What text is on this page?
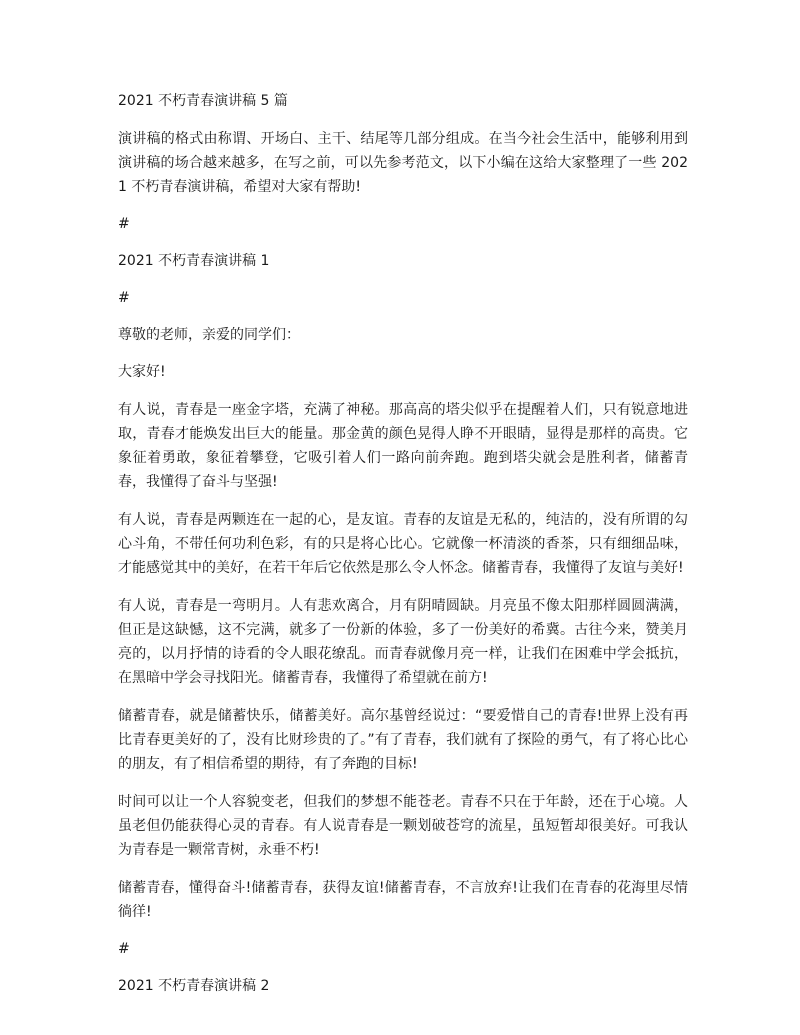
2021 不朽青春演讲稿 5 篇
演讲稿的格式由称谓、开场白、主干、结尾等几部分组成。在当今社会生活中，能够利用到演讲稿的场合越来越多，在写之前，可以先参考范文，以下小编在这给大家整理了一些 2021 不朽青春演讲稿，希望对大家有帮助!
#
2021 不朽青春演讲稿 1
#
尊敬的老师，亲爱的同学们：
大家好!
有人说，青春是一座金字塔，充满了神秘。那高高的塔尖似乎在提醒着人们，只有锐意地进取，青春才能焕发出巨大的能量。那金黄的颜色晃得人睁不开眼睛，显得是那样的高贵。它象征着勇敢，象征着攀登，它吸引着人们一路向前奔跑。跑到塔尖就会是胜利者，储蓄青春，我懂得了奋斗与坚强!
有人说，青春是两颗连在一起的心，是友谊。青春的友谊是无私的，纯洁的，没有所谓的勾心斗角，不带任何功利色彩，有的只是将心比心。它就像一杯清淡的香茶，只有细细品味，才能感觉其中的美好，在若干年后它依然是那么令人怀念。储蓄青春，我懂得了友谊与美好!
有人说，青春是一弯明月。人有悲欢离合，月有阴晴圆缺。月亮虽不像太阳那样圆圆满满，但正是这缺憾，这不完满，就多了一份新的体验，多了一份美好的希冀。古往今来，赞美月亮的，以月抒情的诗看的令人眼花缭乱。而青春就像月亮一样，让我们在困难中学会抵抗，在黑暗中学会寻找阳光。储蓄青春，我懂得了希望就在前方!
储蓄青春，就是储蓄快乐，储蓄美好。高尔基曾经说过：“要爱惜自己的青春!世界上没有再比青春更美好的了，没有比财珍贵的了。”有了青春，我们就有了探险的勇气，有了将心比心的朋友，有了相信希望的期待，有了奔跑的目标!
时间可以让一个人容貌变老，但我们的梦想不能苍老。青春不只在于年龄，还在于心境。人虽老但仍能获得心灵的青春。有人说青春是一颗划破苍穹的流星，虽短暂却很美好。可我认为青春是一颗常青树，永垂不朽!
储蓄青春，懂得奋斗!储蓄青春，获得友谊!储蓄青春，不言放弃!让我们在青春的花海里尽情徜徉!
#
2021 不朽青春演讲稿 2
